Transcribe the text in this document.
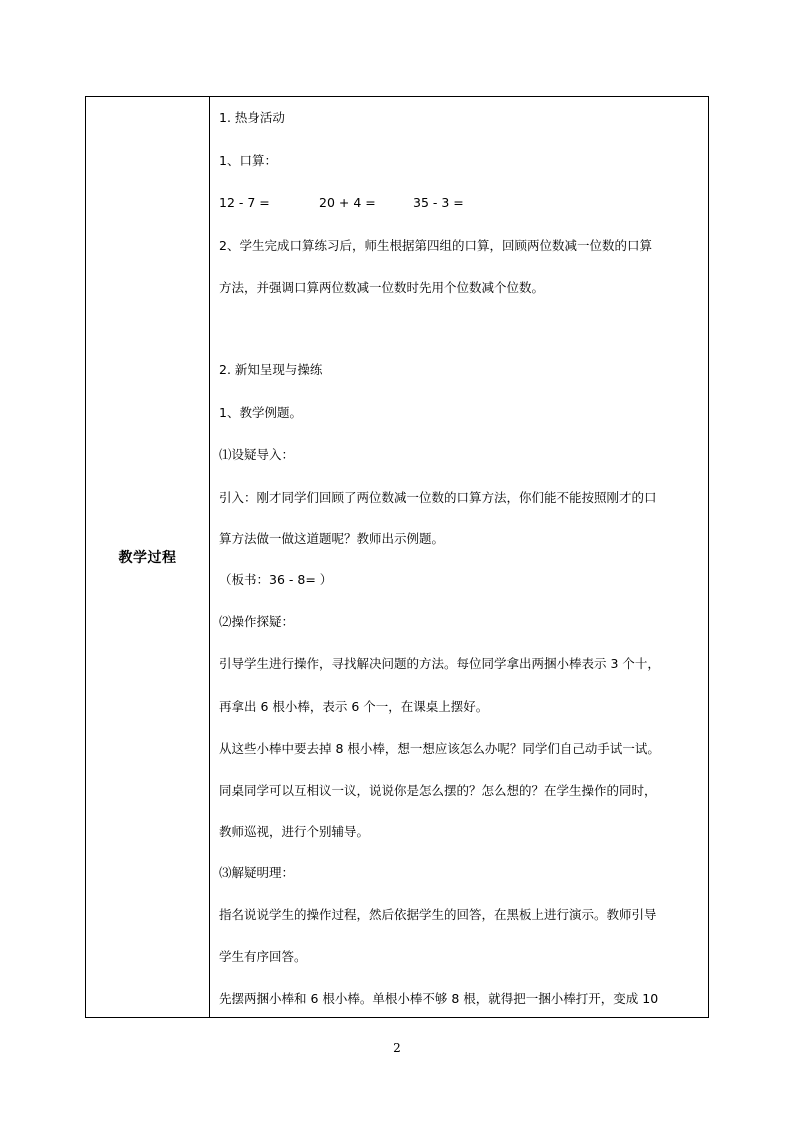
教学过程
1. 热身活动
1、口算：
12 - 7 =	20 + 4 =	35 - 3 =
2、学生完成口算练习后，师生根据第四组的口算，回顾两位数减一位数的口算
方法，并强调口算两位数减一位数时先用个位数减个位数。
2. 新知呈现与操练
1、教学例题。
⑴设疑导入：
引入：刚才同学们回顾了两位数减一位数的口算方法，你们能不能按照刚才的口
算方法做一做这道题呢？教师出示例题。
（板书：36 - 8= ）
⑵操作探疑：
引导学生进行操作，寻找解决问题的方法。每位同学拿出两捆小棒表示 3 个十，
再拿出 6 根小棒，表示 6 个一，在课桌上摆好。
从这些小棒中要去掉 8 根小棒，想一想应该怎么办呢？同学们自己动手试一试。
同桌同学可以互相议一议，说说你是怎么摆的？怎么想的？在学生操作的同时，
教师巡视，进行个别辅导。
⑶解疑明理：
指名说说学生的操作过程，然后依据学生的回答，在黑板上进行演示。教师引导
学生有序回答。
先摆两捆小棒和 6 根小棒。单根小棒不够 8 根，就得把一捆小棒打开，变成 10
2
